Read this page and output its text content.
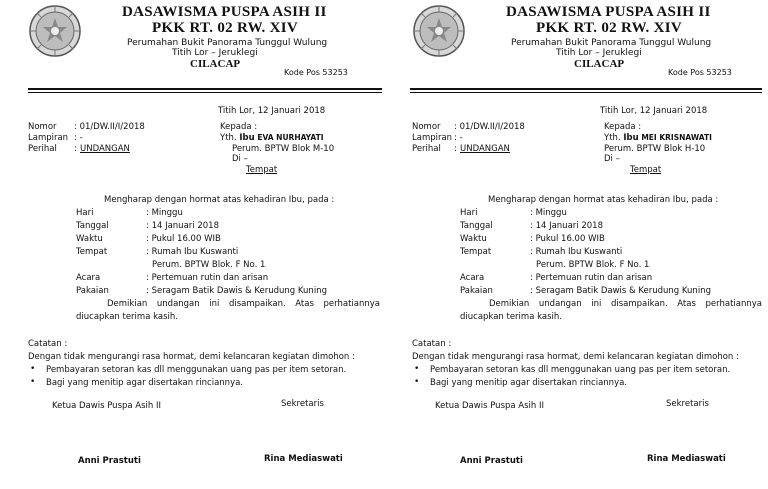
DASAWISMA PUSPA ASIH II
PKK RT. 02 RW. XIV
Perumahan Bukit Panorama Tunggul Wulung
Titih Lor – Jeruklegi
CILACAP
Kode Pos 53253
Titih Lor, 12 Januari 2018
Nomor : 01/DW.II/I/2018
Lampiran : -
Perihal : UNDANGAN
Kepada :
Yth. Ibu EVA NURHAYATI
Perum. BPTW Blok M-10
Di –
Tempat
Mengharap dengan hormat atas kehadiran Ibu, pada :
Hari	: Minggu
Tanggal	: 14 Januari 2018
Waktu	: Pukul 16.00 WIB
Tempat	: Rumah Ibu Kuswanti
Perum. BPTW Blok. F No. 1
Acara	: Pertemuan rutin dan arisan
Pakaian	: Seragam Batik Dawis & Kerudung Kuning
Demikian undangan ini disampaikan. Atas perhatiannya
diucapkan terima kasih.
Catatan :
Dengan tidak mengurangi rasa hormat, demi kelancaran kegiatan dimohon :
• Pembayaran setoran kas dll menggunakan uang pas per item setoran.
• Bagi yang menitip agar disertakan rinciannya.
Ketua Dawis Puspa Asih II	Sekretaris
Anni Prastuti	Rina Mediaswati
DASAWISMA PUSPA ASIH II
PKK RT. 02 RW. XIV
Perumahan Bukit Panorama Tunggul Wulung
Titih Lor – Jeruklegi
CILACAP
Kode Pos 53253
Titih Lor, 12 Januari 2018
Nomor : 01/DW.II/I/2018
Lampiran : -
Perihal : UNDANGAN
Kepada :
Yth. Ibu MEI KRISNAWATI
Perum. BPTW Blok H-10
Di –
Tempat
Mengharap dengan hormat atas kehadiran Ibu, pada :
Hari	: Minggu
Tanggal	: 14 Januari 2018
Waktu	: Pukul 16.00 WIB
Tempat	: Rumah Ibu Kuswanti
Perum. BPTW Blok. F No. 1
Acara	: Pertemuan rutin dan arisan
Pakaian	: Seragam Batik Dawis & Kerudung Kuning
Demikian undangan ini disampaikan. Atas perhatiannya
diucapkan terima kasih.
Catatan :
Dengan tidak mengurangi rasa hormat, demi kelancaran kegiatan dimohon :
• Pembayaran setoran kas dll menggunakan uang pas per item setoran.
• Bagi yang menitip agar disertakan rinciannya.
Ketua Dawis Puspa Asih II	Sekretaris
Anni Prastuti	Rina Mediaswati
